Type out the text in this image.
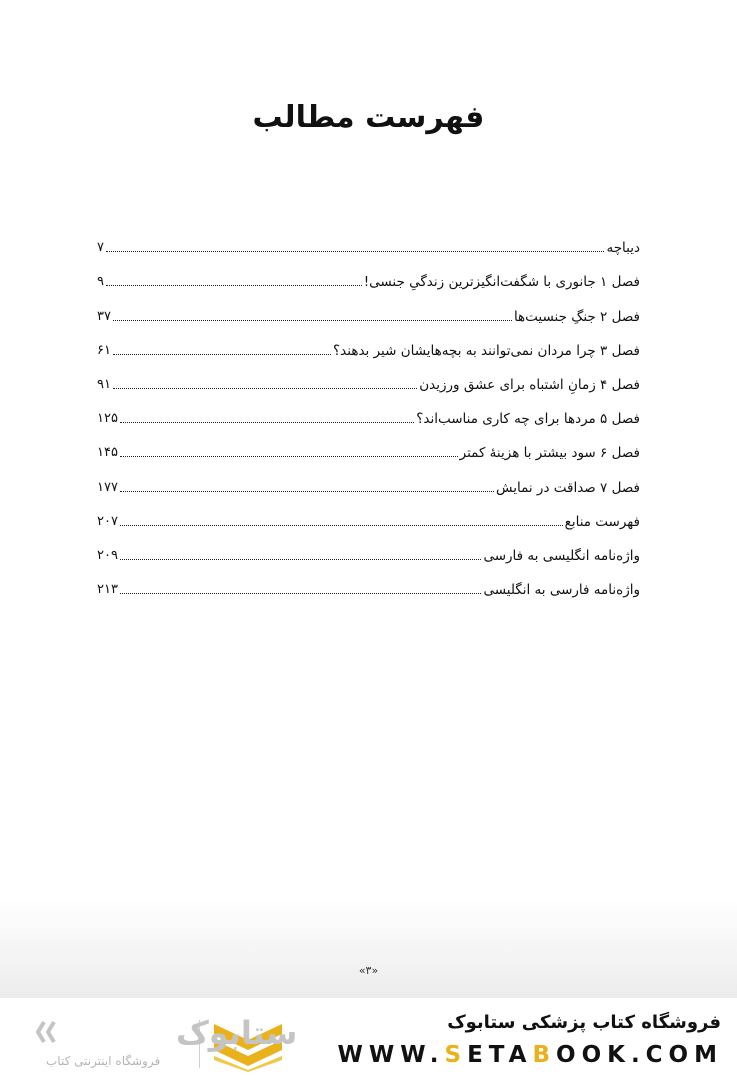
فهرست مطالب
دیباچه
۷
فصل ۱ جانوری با شگفت‌انگیزترین زندگیِ جنسی!
۹
فصل ۲ جنگِ جنسیت‌ها
۳۷
فصل ۳ چرا مردان نمی‌توانند به بچه‌هایشان شیر بدهند؟
۶۱
فصل ۴ زمانِ اشتباه برای عشق ورزیدن
۹۱
فصل ۵ مردها برای چه کاری مناسب‌اند؟
۱۲۵
فصل ۶ سود بیشتر با هزینهٔ کمتر
۱۴۵
فصل ۷ صداقت در نمایش
۱۷۷
فهرست منابع
۲۰۷
واژه‌نامه انگلیسی به فارسی
۲۰۹
واژه‌نامه فارسی به انگلیسی
۲۱۳
«۳»
فروشگاه کتاب پزشکی ستابوک
WWW.SETABOOK.COM
ستابوک
فروشگاه اینترنتی کتاب
